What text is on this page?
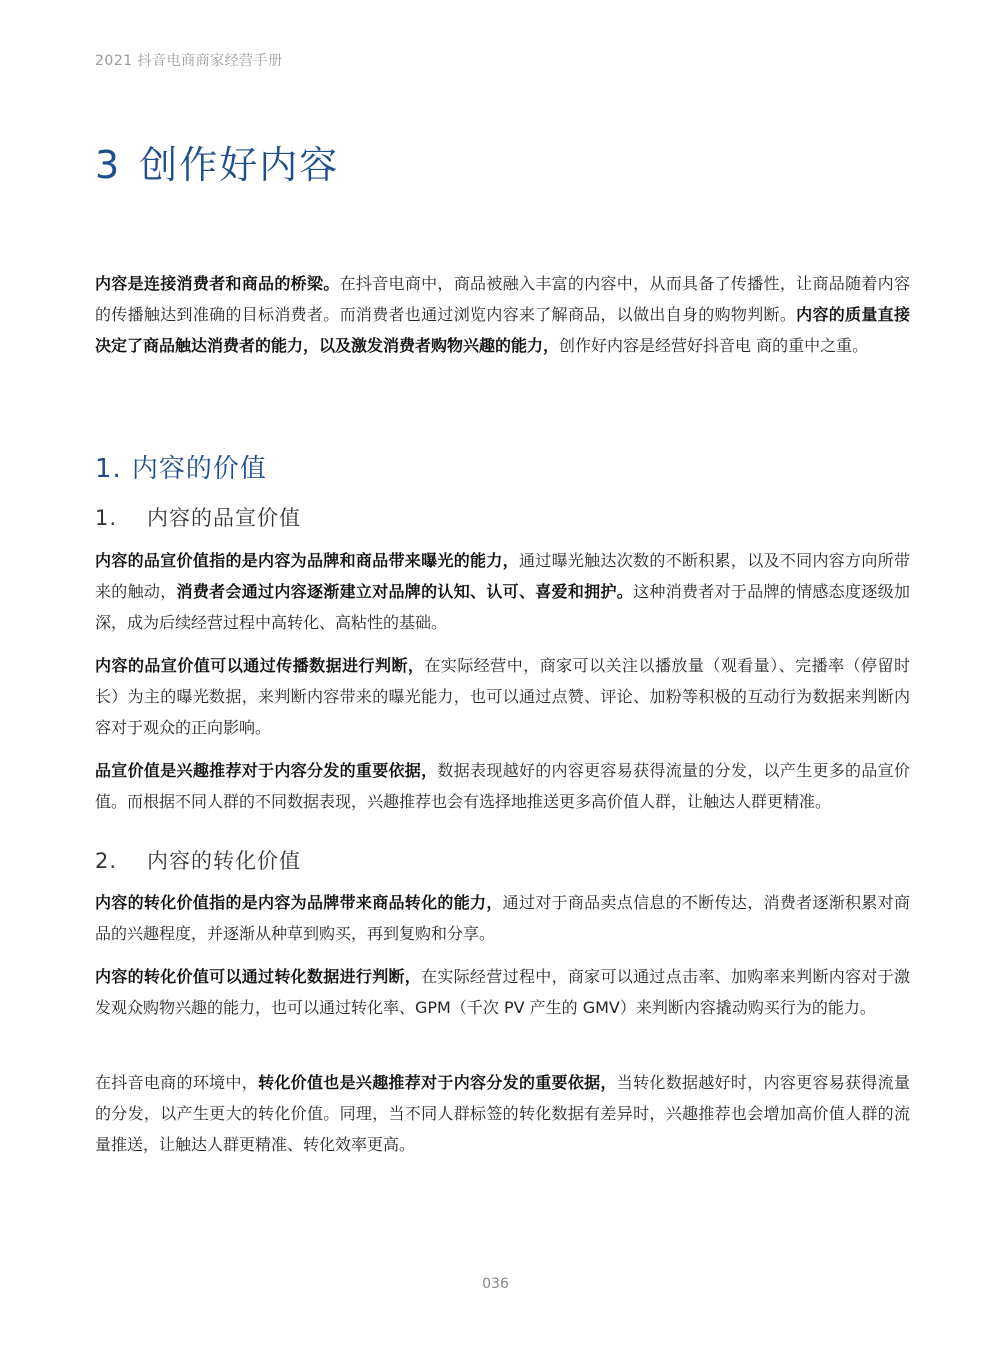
2021 抖音电商商家经营手册
3 创作好内容

内容是连接消费者和商品的桥梁。在抖音电商中，商品被融入丰富的内容中，从而具备了传播性，让商品随着内容的传播触达到准确的目标消费者。而消费者也通过浏览内容来了解商品，以做出自身的购物判断。内容的质量直接决定了商品触达消费者的能力，以及激发消费者购物兴趣的能力，创作好内容是经营好抖音电 商的重中之重。

1. 内容的价值
1. 内容的品宣价值

内容的品宣价值指的是内容为品牌和商品带来曝光的能力，通过曝光触达次数的不断积累，以及不同内容方向所带来的触动，消费者会通过内容逐渐建立对品牌的认知、认可、喜爱和拥护。这种消费者对于品牌的情感态度逐级加深，成为后续经营过程中高转化、高粘性的基础。

内容的品宣价值可以通过传播数据进行判断，在实际经营中，商家可以关注以播放量（观看量）、完播率（停留时长）为主的曝光数据，来判断内容带来的曝光能力，也可以通过点赞、评论、加粉等积极的互动行为数据来判断内容对于观众的正向影响。

品宣价值是兴趣推荐对于内容分发的重要依据，数据表现越好的内容更容易获得流量的分发，以产生更多的品宣价值。而根据不同人群的不同数据表现，兴趣推荐也会有选择地推送更多高价值人群，让触达人群更精准。

2. 内容的转化价值

内容的转化价值指的是内容为品牌带来商品转化的能力，通过对于商品卖点信息的不断传达，消费者逐渐积累对商品的兴趣程度，并逐渐从种草到购买，再到复购和分享。

内容的转化价值可以通过转化数据进行判断，在实际经营过程中，商家可以通过点击率、加购率来判断内容对于激发观众购物兴趣的能力，也可以通过转化率、GPM（千次 PV 产生的 GMV）来判断内容撬动购买行为的能力。

在抖音电商的环境中，转化价值也是兴趣推荐对于内容分发的重要依据，当转化数据越好时，内容更容易获得流量的分发，以产生更大的转化价值。同理，当不同人群标签的转化数据有差异时，兴趣推荐也会增加高价值人群的流量推送，让触达人群更精准、转化效率更高。

036
